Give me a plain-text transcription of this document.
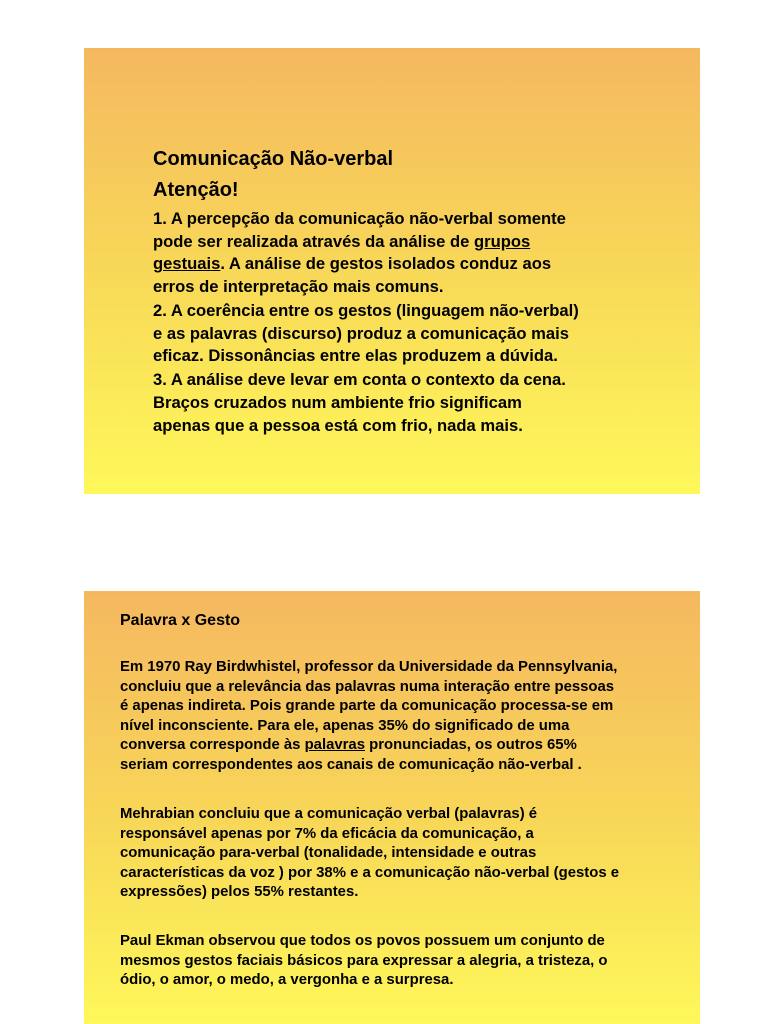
Comunicação Não-verbal
Atenção!
1. A percepção da comunicação não-verbal somente
pode ser realizada através da análise de grupos
gestuais. A análise de gestos isolados conduz aos
erros de interpretação mais comuns.
2. A coerência entre os gestos (linguagem não-verbal)
e as palavras (discurso) produz a comunicação mais
eficaz. Dissonâncias entre elas produzem a dúvida.
3. A análise deve levar em conta o contexto da cena.
Braços cruzados num ambiente frio significam
apenas que a pessoa está com frio, nada mais.
Palavra x Gesto
Em 1970 Ray Birdwhistel, professor da Universidade da Pennsylvania,
concluiu que a relevância das palavras numa interação entre pessoas
é apenas indireta. Pois grande parte da comunicação processa-se em
nível inconsciente. Para ele, apenas 35% do significado de uma
conversa corresponde às palavras pronunciadas, os outros 65%
seriam correspondentes aos canais de comunicação não-verbal .
Mehrabian concluiu que a comunicação verbal (palavras) é
responsável apenas por 7% da eficácia da comunicação, a
comunicação para-verbal (tonalidade, intensidade e outras
características da voz ) por 38% e a comunicação não-verbal (gestos e
expressões) pelos 55% restantes.
Paul Ekman observou que todos os povos possuem um conjunto de
mesmos gestos faciais básicos para expressar a alegria, a tristeza, o
ódio, o amor, o medo, a vergonha e a surpresa.
